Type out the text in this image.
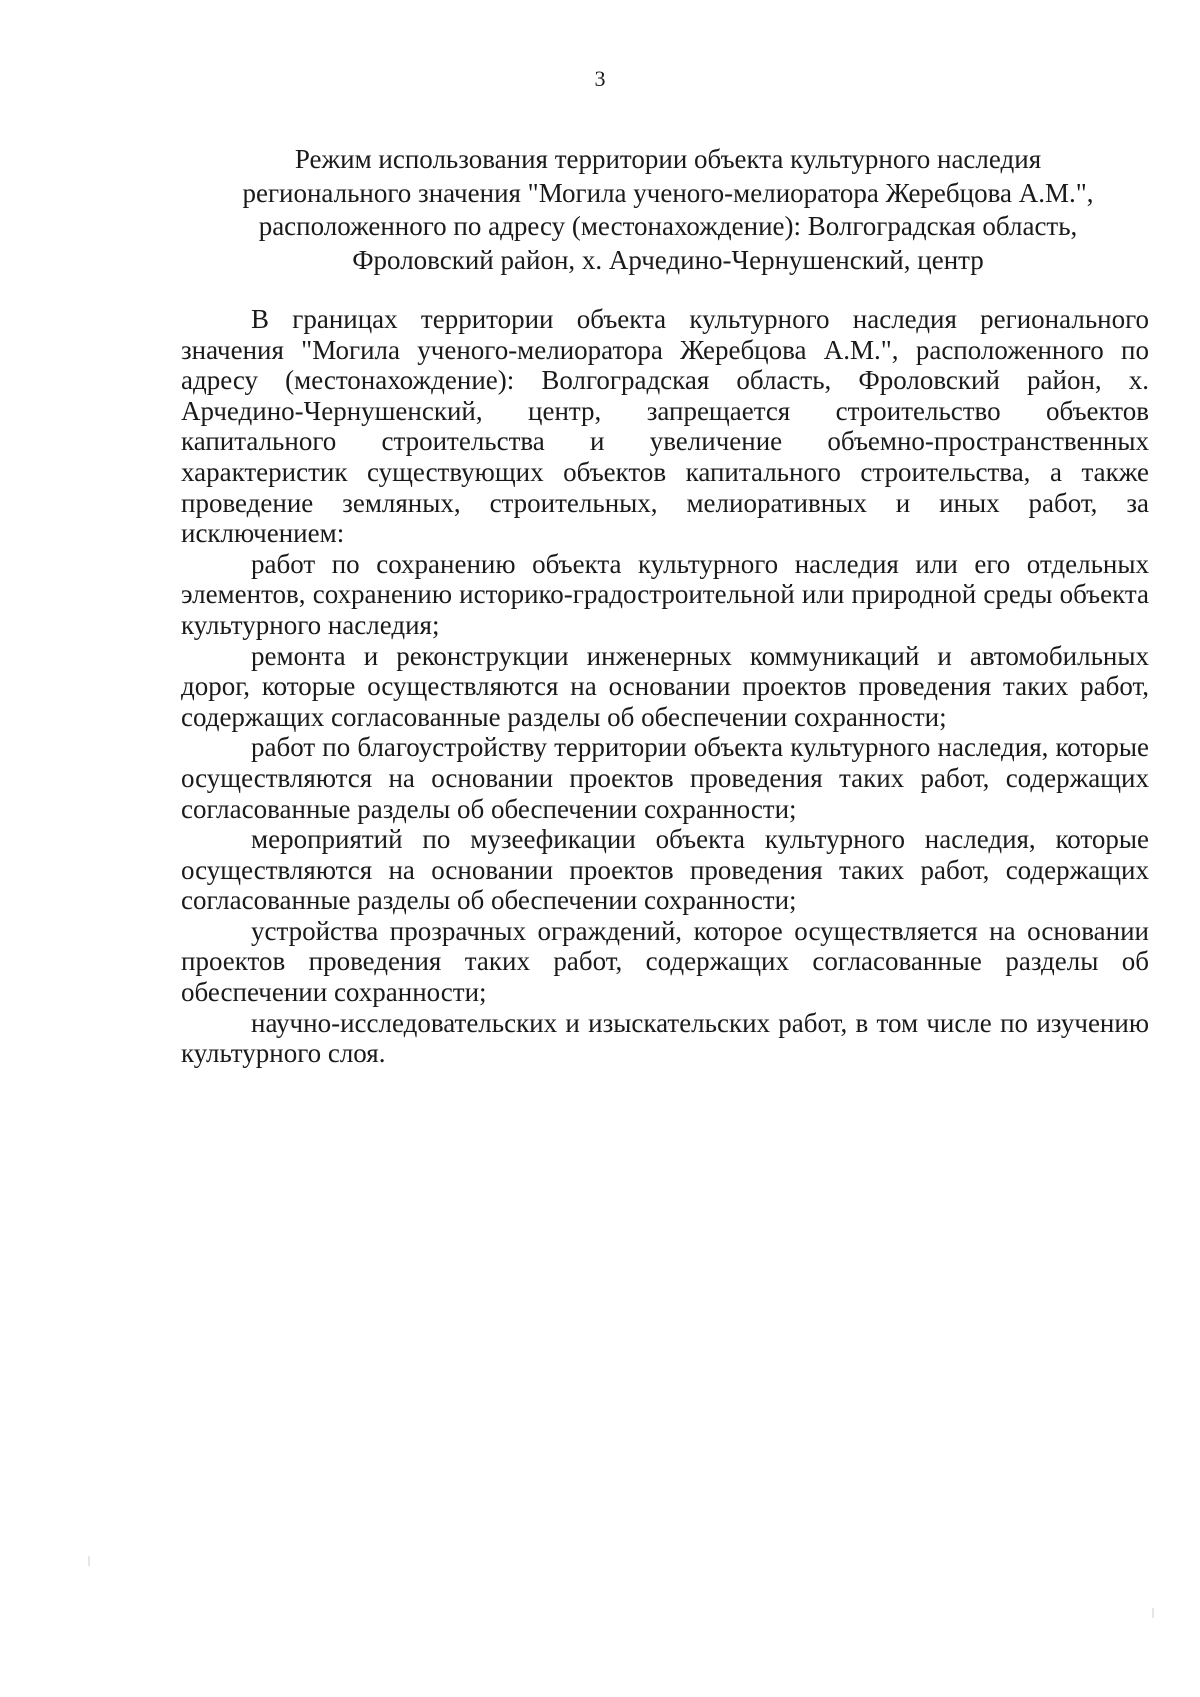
3
Режим использования территории объекта культурного наследия
регионального значения "Могила ученого-мелиоратора Жеребцова А.М.",
расположенного по адресу (местонахождение): Волгоградская область,
Фроловский район, х. Арчедино-Чернушенский, центр

В границах территории объекта культурного наследия регионального значения "Могила ученого-мелиоратора Жеребцова А.М.", расположенного по адресу (местонахождение): Волгоградская область, Фроловский район, х. Арчедино-Чернушенский, центр, запрещается строительство объектов капитального строительства и увеличение объемно-пространственных характеристик существующих объектов капитального строительства, а также проведение земляных, строительных, мелиоративных и иных работ, за исключением:

работ по сохранению объекта культурного наследия или его отдельных элементов, сохранению историко-градостроительной или природной среды объекта культурного наследия;

ремонта и реконструкции инженерных коммуникаций и автомобильных дорог, которые осуществляются на основании проектов проведения таких работ, содержащих согласованные разделы об обеспечении сохранности;

работ по благоустройству территории объекта культурного наследия, которые осуществляются на основании проектов проведения таких работ, содержащих согласованные разделы об обеспечении сохранности;

мероприятий по музеефикации объекта культурного наследия, которые осуществляются на основании проектов проведения таких работ, содержащих согласованные разделы об обеспечении сохранности;

устройства прозрачных ограждений, которое осуществляется на основании проектов проведения таких работ, содержащих согласованные разделы об обеспечении сохранности;

научно-исследовательских и изыскательских работ, в том числе по изучению культурного слоя.
